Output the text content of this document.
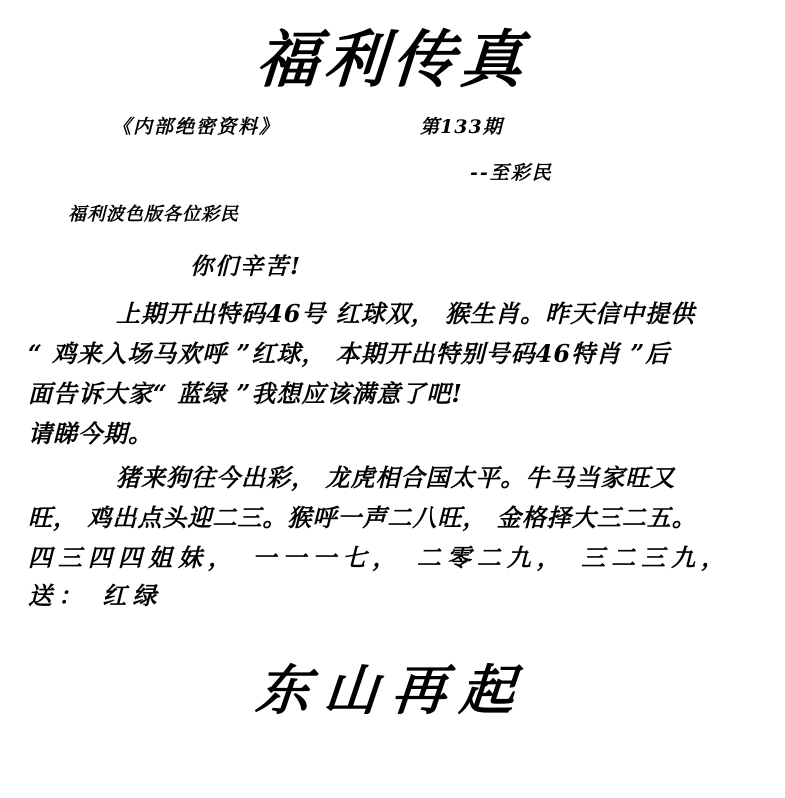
福利传真
《内部绝密资料》	第133期
--至彩民
福利波色版各位彩民
你们辛苦!

上期开出特码46号 红球双， 猴生肖。昨天信中提供

“ 鸡来入场马欢呼 ”红球， 本期开出特别号码46特肖 ”后

面告诉大家“ 蓝绿 ”我想应该满意了吧!

请睇今期。

猪来狗往今出彩， 龙虎相合国太平。牛马当家旺又

旺， 鸡出点头迎二三。猴呼一声二八旺， 金格择大三二五。

四三四四姐妹， 一一一七， 二零二九， 三二三九， 送： 红绿

东山再起
